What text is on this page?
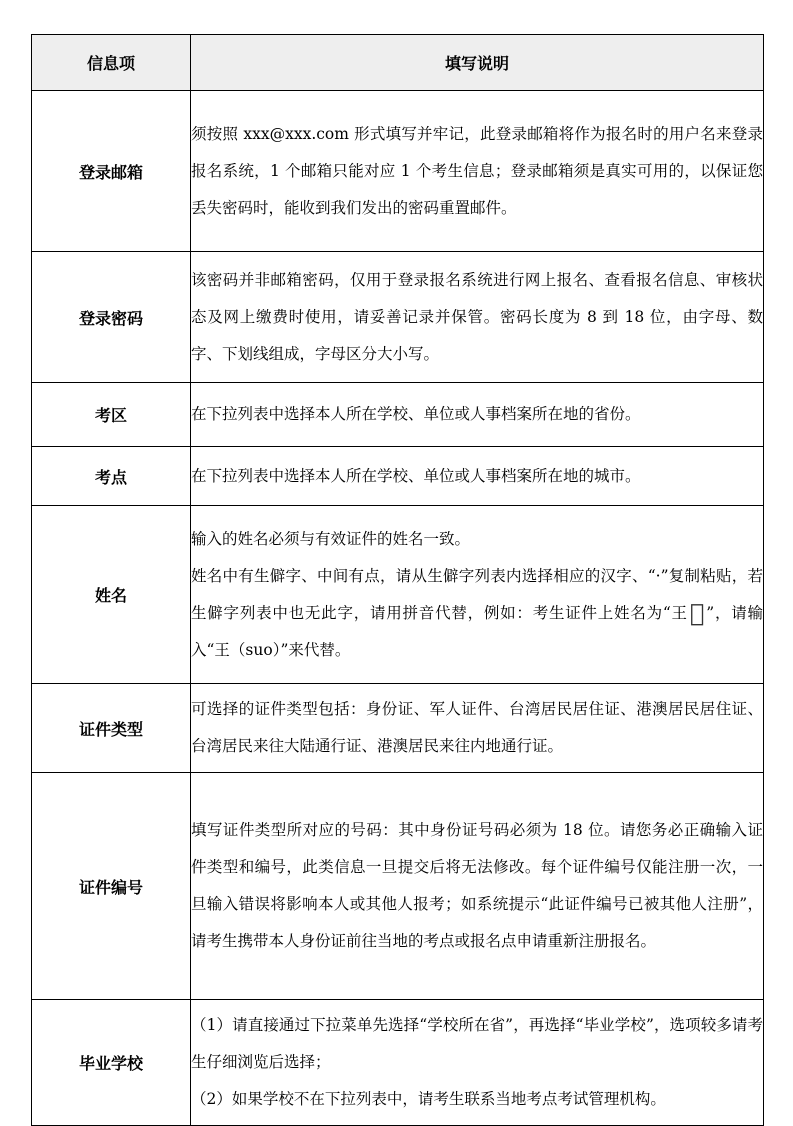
信息项	填写说明
登录邮箱	须按照 xxx@xxx.com 形式填写并牢记，此登录邮箱将作为报名时的用户名来登录报名系统，1 个邮箱只能对应 1 个考生信息；登录邮箱须是真实可用的，以保证您丢失密码时，能收到我们发出的密码重置邮件。
登录密码	该密码并非邮箱密码，仅用于登录报名系统进行网上报名、查看报名信息、审核状态及网上缴费时使用，请妥善记录并保管。密码长度为 8 到 18 位，由字母、数字、下划线组成，字母区分大小写。
考区	在下拉列表中选择本人所在学校、单位或人事档案所在地的省份。
考点	在下拉列表中选择本人所在学校、单位或人事档案所在地的城市。
姓名	输入的姓名必须与有效证件的姓名一致。

姓名中有生僻字、中间有点，请从生僻字列表内选择相应的汉字、“·”复制粘贴，若生僻字列表中也无此字，请用拼音代替，例如：考生证件上姓名为“王𫊸 ”，请输入“王（suo）”来代替。

证件类型	可选择的证件类型包括：身份证、军人证件、台湾居民居住证、港澳居民居住证、台湾居民来往大陆通行证、港澳居民来往内地通行证。
证件编号	填写证件类型所对应的号码：其中身份证号码必须为 18 位。请您务必正确输入证件类型和编号，此类信息一旦提交后将无法修改。每个证件编号仅能注册一次，一旦输入错误将影响本人或其他人报考；如系统提示“此证件编号已被其他人注册”，请考生携带本人身份证前往当地的考点或报名点申请重新注册报名。
毕业学校	（1）请直接通过下拉菜单先选择“学校所在省”，再选择“毕业学校”，选项较多请考生仔细浏览后选择；

（2）如果学校不在下拉列表中，请考生联系当地考点考试管理机构。
